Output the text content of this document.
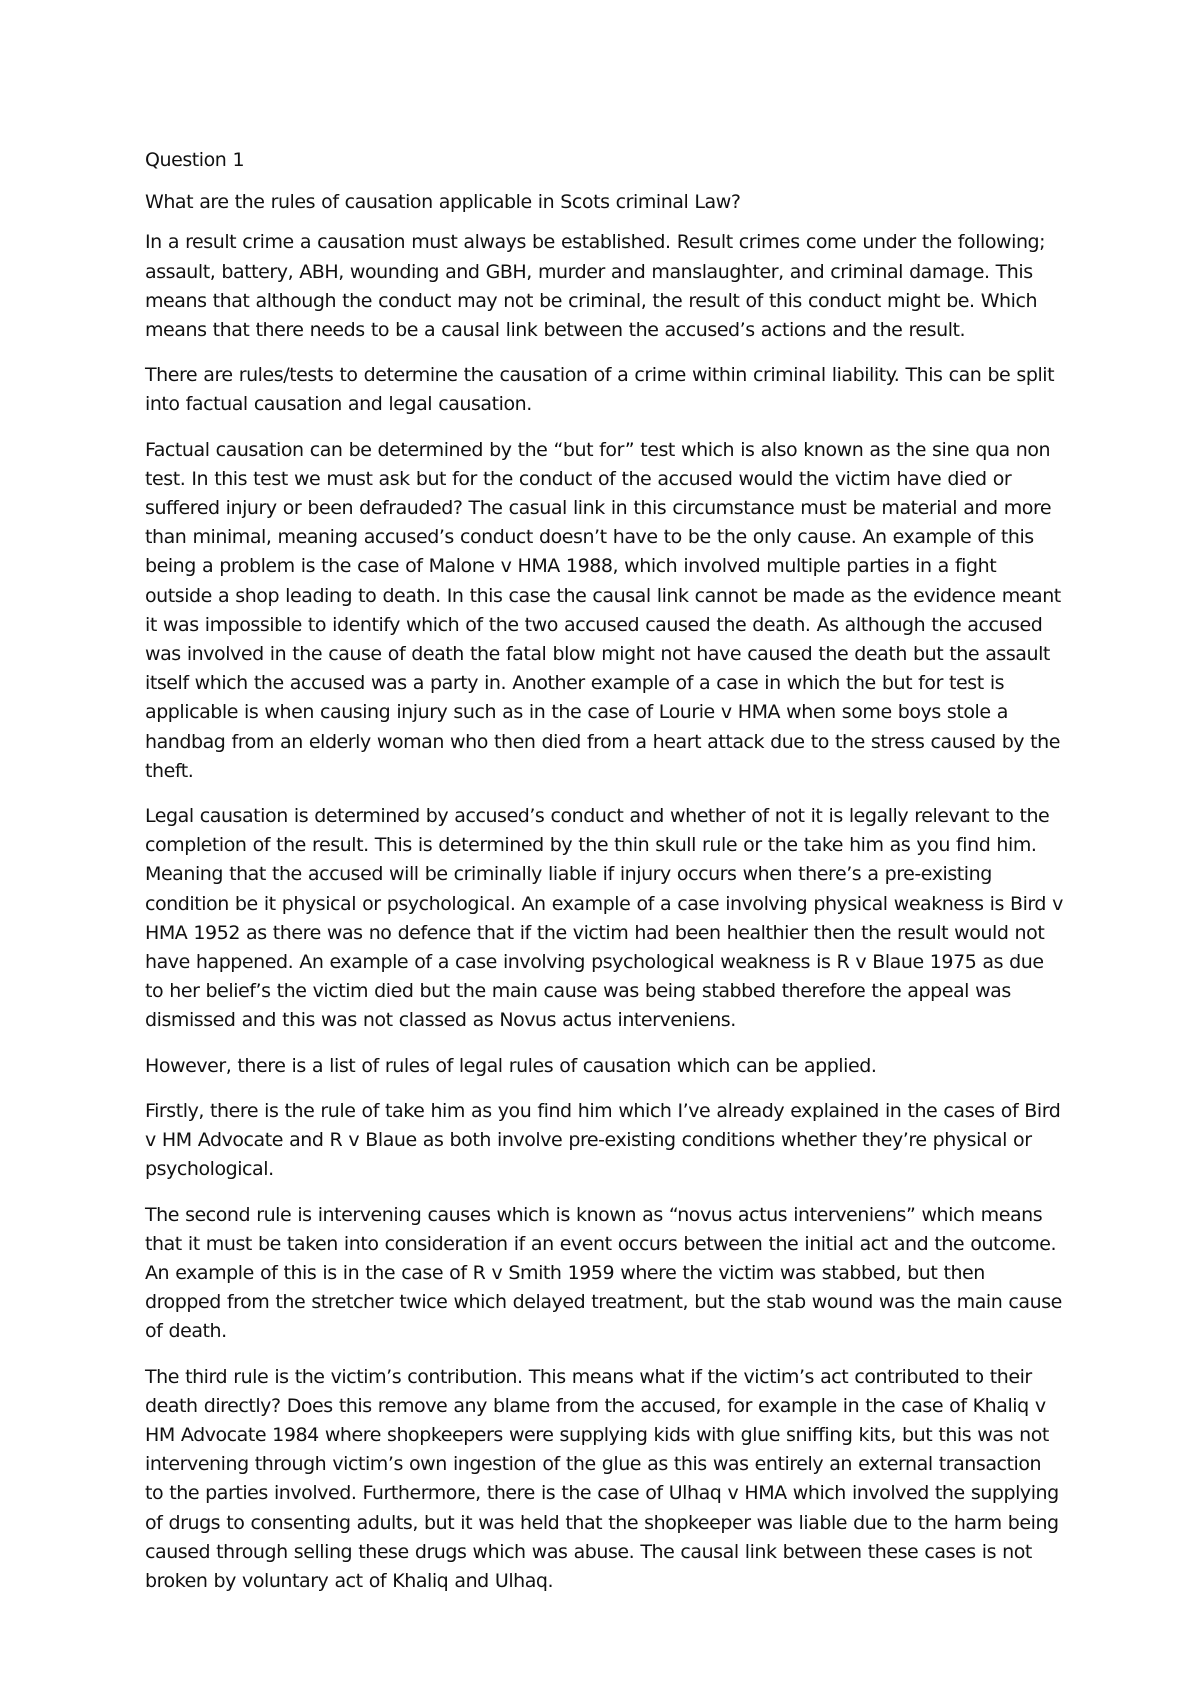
Question 1

What are the rules of causation applicable in Scots criminal Law?

In a result crime a causation must always be established. Result crimes come under the following; assault, battery, ABH, wounding and GBH, murder and manslaughter, and criminal damage. This means that although the conduct may not be criminal, the result of this conduct might be. Which means that there needs to be a causal link between the accused’s actions and the result.

There are rules/tests to determine the causation of a crime within criminal liability. This can be split into factual causation and legal causation.

Factual causation can be determined by the “but for” test which is also known as the sine qua non test. In this test we must ask but for the conduct of the accused would the victim have died or suffered injury or been defrauded? The casual link in this circumstance must be material and more than minimal, meaning accused’s conduct doesn’t have to be the only cause. An example of this being a problem is the case of Malone v HMA 1988, which involved multiple parties in a fight outside a shop leading to death. In this case the causal link cannot be made as the evidence meant it was impossible to identify which of the two accused caused the death. As although the accused was involved in the cause of death the fatal blow might not have caused the death but the assault itself which the accused was a party in. Another example of a case in which the but for test is applicable is when causing injury such as in the case of Lourie v HMA when some boys stole a handbag from an elderly woman who then died from a heart attack due to the stress caused by the theft.

Legal causation is determined by accused’s conduct and whether of not it is legally relevant to the completion of the result. This is determined by the thin skull rule or the take him as you find him. Meaning that the accused will be criminally liable if injury occurs when there’s a pre-existing condition be it physical or psychological. An example of a case involving physical weakness is Bird v HMA 1952 as there was no defence that if the victim had been healthier then the result would not have happened. An example of a case involving psychological weakness is R v Blaue 1975 as due to her belief’s the victim died but the main cause was being stabbed therefore the appeal was dismissed and this was not classed as Novus actus interveniens.

However, there is a list of rules of legal rules of causation which can be applied.

Firstly, there is the rule of take him as you find him which I’ve already explained in the cases of Bird v HM Advocate and R v Blaue as both involve pre-existing conditions whether they’re physical or psychological.

The second rule is intervening causes which is known as “novus actus interveniens” which means that it must be taken into consideration if an event occurs between the initial act and the outcome. An example of this is in the case of R v Smith 1959 where the victim was stabbed, but then dropped from the stretcher twice which delayed treatment, but the stab wound was the main cause of death.

The third rule is the victim’s contribution. This means what if the victim’s act contributed to their death directly? Does this remove any blame from the accused, for example in the case of Khaliq v HM Advocate 1984 where shopkeepers were supplying kids with glue sniffing kits, but this was not intervening through victim’s own ingestion of the glue as this was entirely an external transaction to the parties involved. Furthermore, there is the case of Ulhaq v HMA which involved the supplying of drugs to consenting adults, but it was held that the shopkeeper was liable due to the harm being caused through selling these drugs which was abuse. The causal link between these cases is not broken by voluntary act of Khaliq and Ulhaq.
